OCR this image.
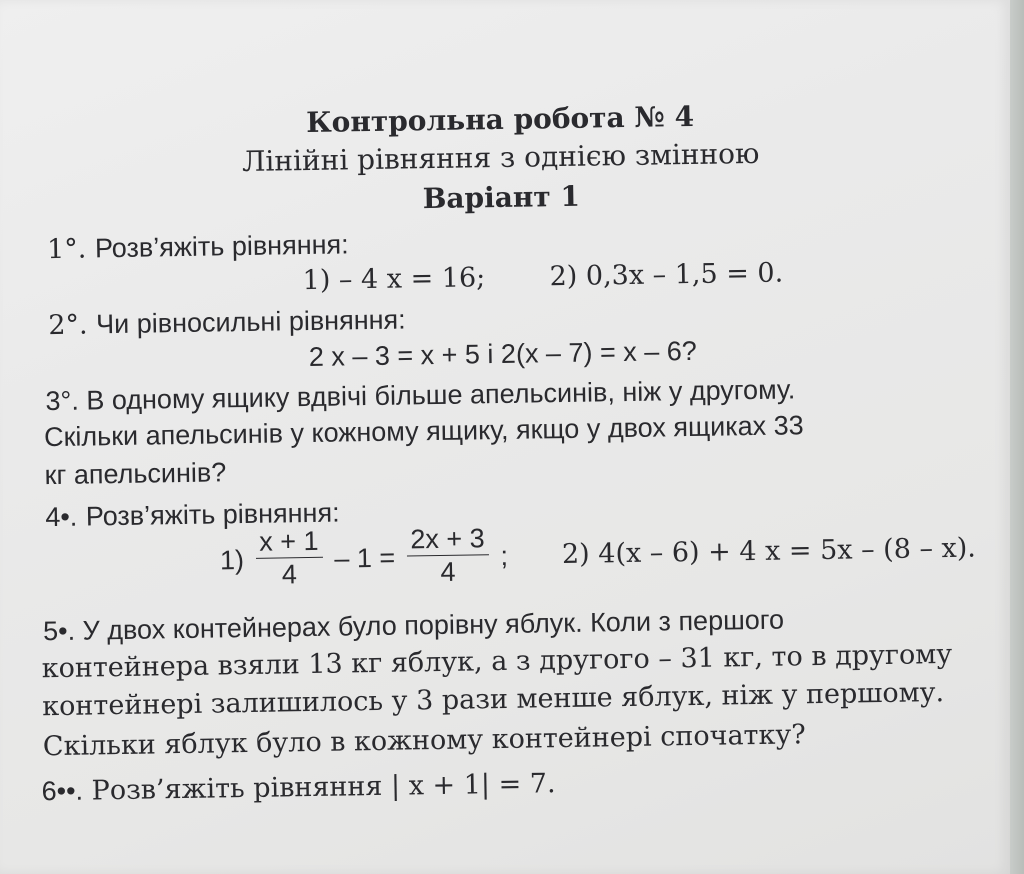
Контрольна робота № 4
Лінійні рівняння з однією змінною
Варіант 1
1°. Розв’яжіть рівняння:
1) – 4 x = 16; 2) 0,3x – 1,5 = 0.
2°. Чи рівносильні рівняння:
2 x – 3 = x + 5 і 2(x – 7) = x – 6?
3°. В одному ящику вдвічі більше апельсинів, ніж у другому.
Скільки апельсинів у кожному ящику, якщо у двох ящиках 33
кг апельсинів?
4•. Розв’яжіть рівняння:
$1) \frac{x + 1}{4} - 1 = \frac{2x + 3}{4}$ ; 2) 4(x – 6) + 4 x = 5x – (8 – x).
5•. У двох контейнерах було порівну яблук. Коли з першого
контейнера взяли 13 кг яблук, а з другого – 31 кг, то в другому
контейнері залишилось у 3 рази менше яблук, ніж у першому.
Скільки яблук було в кожному контейнері спочатку?
6••. Розв’яжіть рівняння | x + 1| = 7.
